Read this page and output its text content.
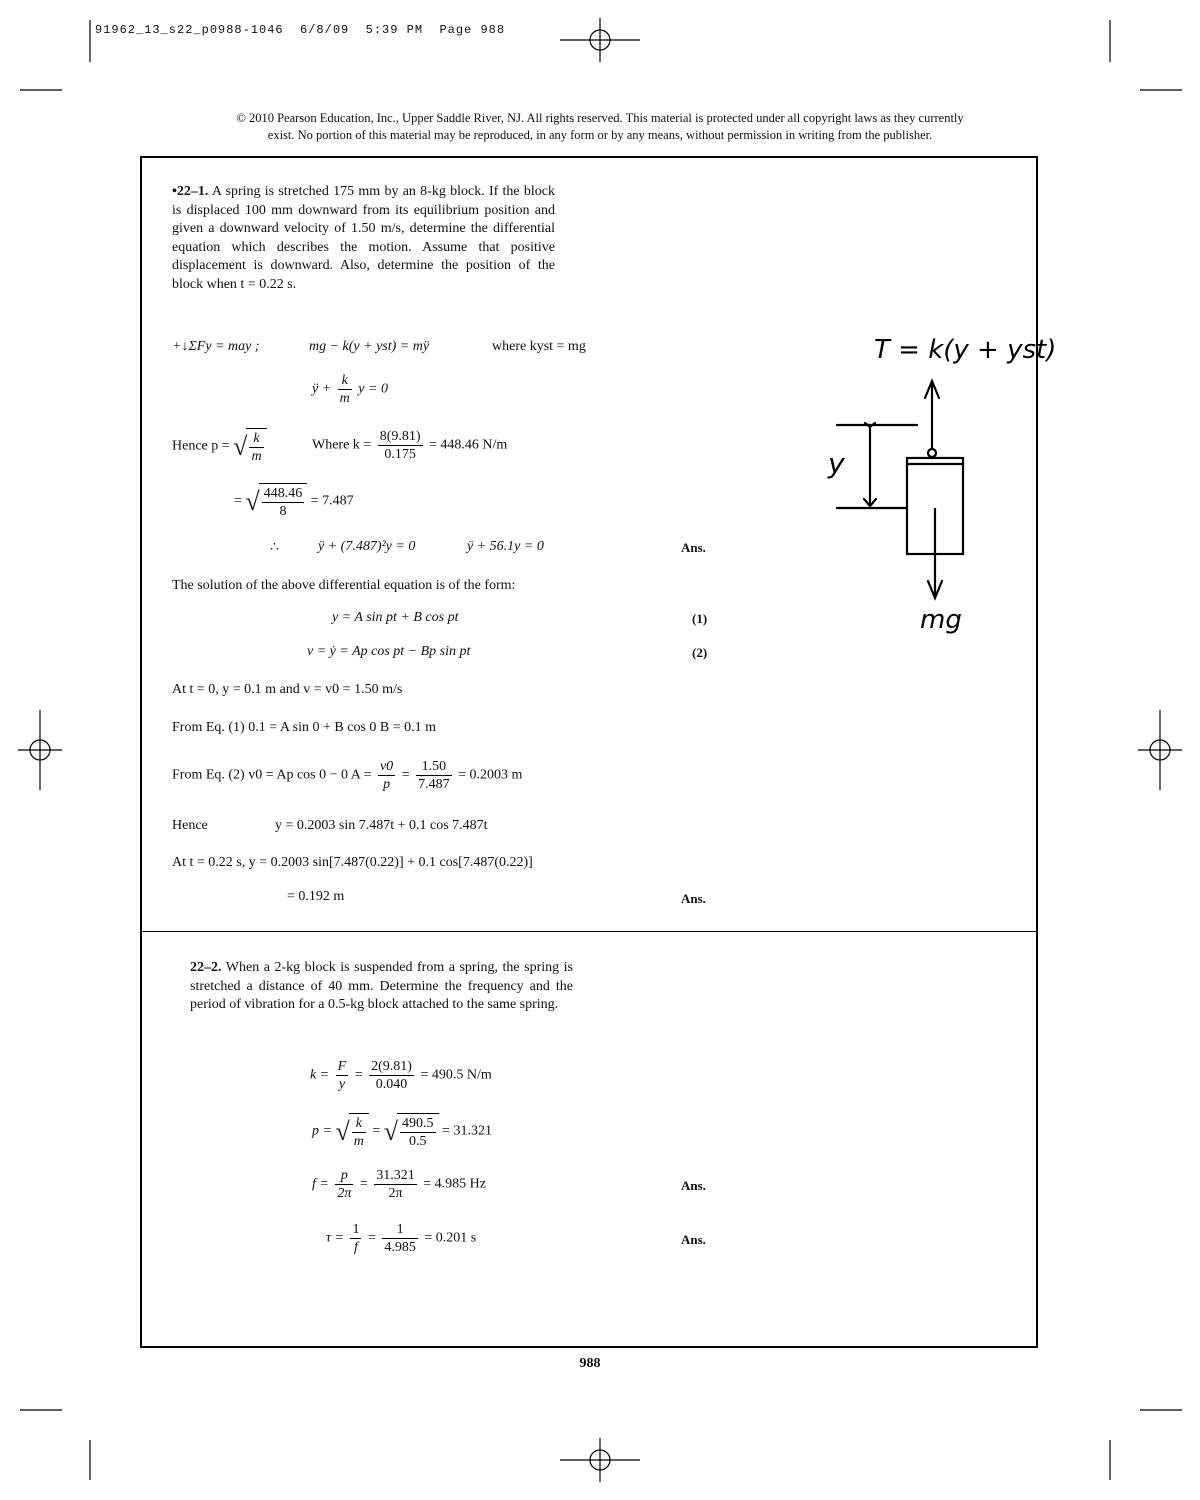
91962_13_s22_p0988-1046  6/8/09  5:39 PM  Page 988
© 2010 Pearson Education, Inc., Upper Saddle River, NJ. All rights reserved. This material is protected under all copyright laws as they currently
exist. No portion of this material may be reproduced, in any form or by any means, without permission in writing from the publisher.
•22–1. A spring is stretched 175 mm by an 8-kg block. If the block is displaced 100 mm downward from its equilibrium position and given a downward velocity of 1.50 m/s, determine the differential equation which describes the motion. Assume that positive displacement is downward. Also, determine the position of the block when t = 0.22 s.
+↓ΣFy = may ;	mg − k(y + yst) = mÿ	where kyst = mg
ÿ + $\frac{k}{m}$ y = 0
Hence p = √ $\frac{k}{m}$	Where $k = \frac{8(9.81)}{0.175} = 448.46$ N/m
= √ $\frac{448.46}{8} = 7.487$
∴	ÿ + (7.487)²y = 0	ÿ + 56.1y = 0	Ans.
The solution of the above differential equation is of the form:
y = A sin pt + B cos pt	(1)
v = ẏ = Ap cos pt − Bp sin pt	(2)
At t = 0, y = 0.1 m and v = v0 = 1.50 m/s
From Eq. (1) 0.1 = A sin 0 + B cos 0 B = 0.1 m
From Eq. (2) v0 = Ap cos 0 − 0 $A = \frac{v0}{p} = \frac{1.50}{7.487} = 0.2003$ m
Hence	y = 0.2003 sin 7.487t + 0.1 cos 7.487t
At t = 0.22 s, y = 0.2003 sin[7.487(0.22)] + 0.1 cos[7.487(0.22)]
= 0.192 m	Ans.
T = k(y + yst)
y
mg
22–2. When a 2-kg block is suspended from a spring, the spring is stretched a distance of 40 mm. Determine the frequency and the period of vibration for a 0.5-kg block attached to the same spring.
$k = \frac{F}{y} = \frac{2(9.81)}{0.040} = 490.5$ N/m
p = √ $\frac{k}{m}$ = √ $\frac{490.5}{0.5} = 31.321$
$f = \frac{p}{2\pi} = \frac{31.321}{2\pi} = 4.985$ Hz	Ans.
$\tau = \frac{1}{f} = \frac{1}{4.985} = 0.201$ s	Ans.
988
